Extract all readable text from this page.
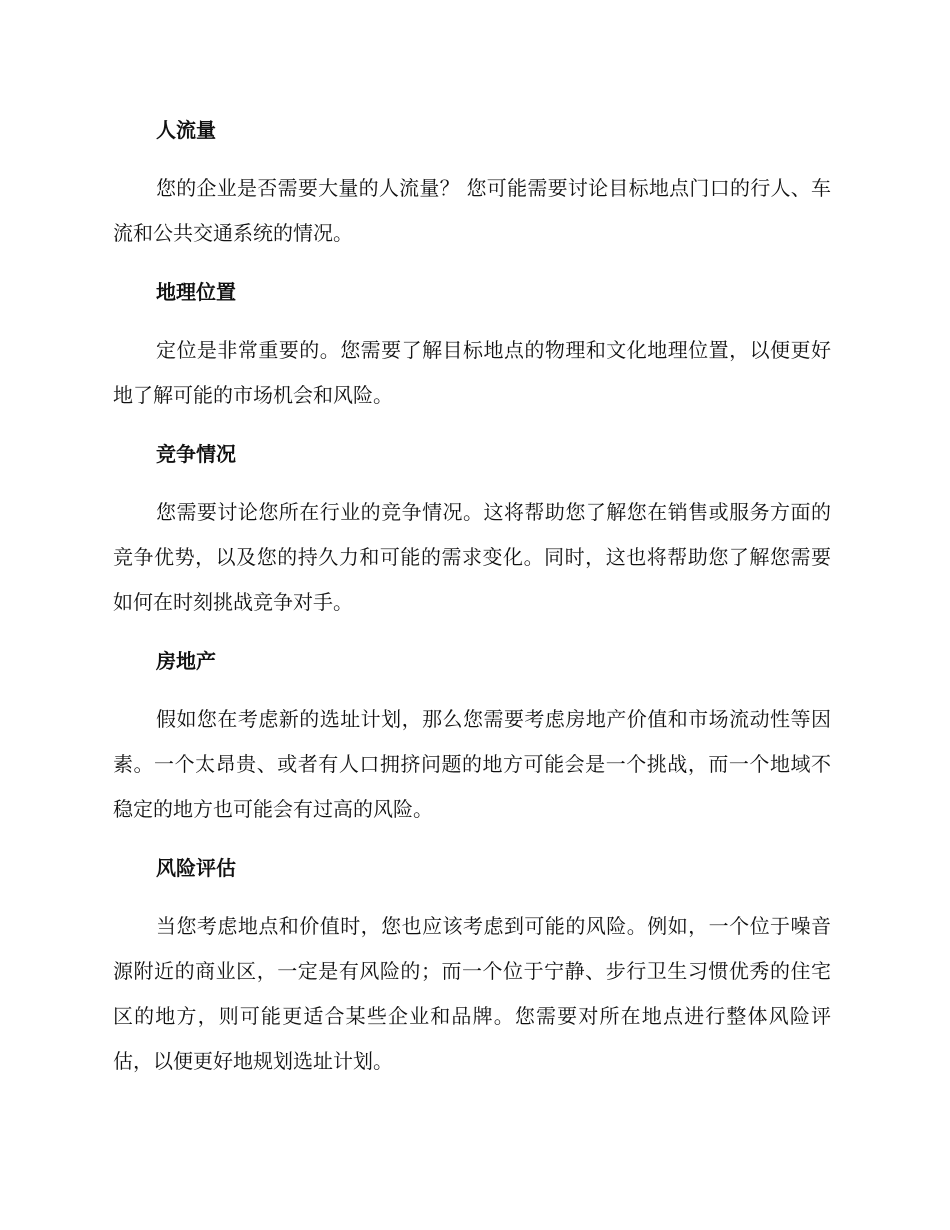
人流量

您的企业是否需要大量的人流量？ 您可能需要讨论目标地点门口的行人、车流和公共交通系统的情况。

地理位置

定位是非常重要的。您需要了解目标地点的物理和文化地理位置，以便更好地了解可能的市场机会和风险。

竞争情况

您需要讨论您所在行业的竞争情况。这将帮助您了解您在销售或服务方面的竞争优势，以及您的持久力和可能的需求变化。同时，这也将帮助您了解您需要如何在时刻挑战竞争对手。

房地产

假如您在考虑新的选址计划，那么您需要考虑房地产价值和市场流动性等因素。一个太昂贵、或者有人口拥挤问题的地方可能会是一个挑战，而一个地域不稳定的地方也可能会有过高的风险。

风险评估

当您考虑地点和价值时，您也应该考虑到可能的风险。例如，一个位于噪音源附近的商业区，一定是有风险的；而一个位于宁静、步行卫生习惯优秀的住宅区的地方，则可能更适合某些企业和品牌。您需要对所在地点进行整体风险评估，以便更好地规划选址计划。
